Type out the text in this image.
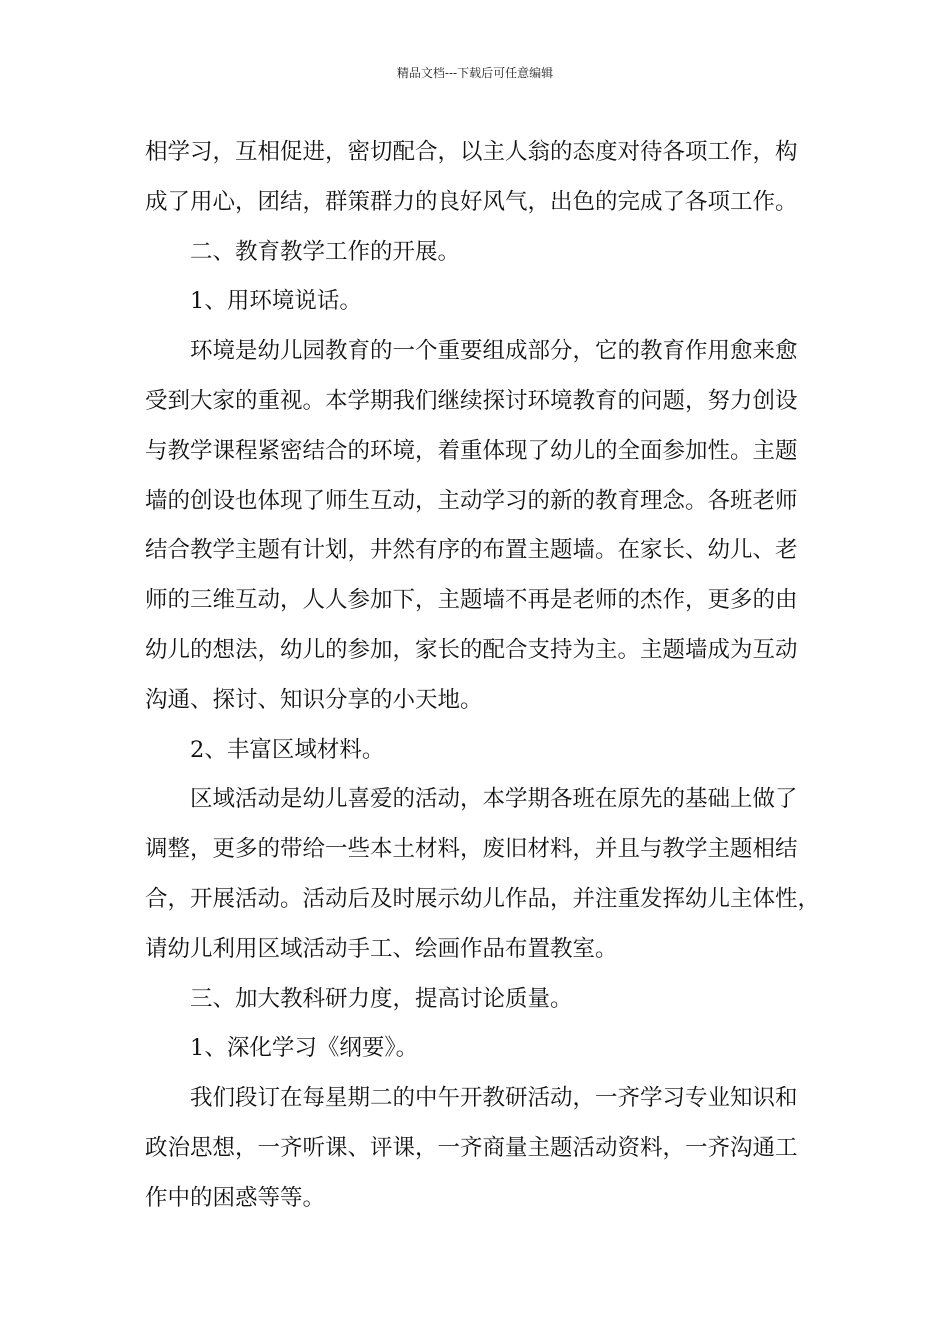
精品文档---下载后可任意编辑
相学习，互相促进，密切配合，以主人翁的态度对待各项工作，构
成了用心，团结，群策群力的良好风气，出色的完成了各项工作。
二、教育教学工作的开展。
1、用环境说话。
环境是幼儿园教育的一个重要组成部分，它的教育作用愈来愈
受到大家的重视。本学期我们继续探讨环境教育的问题，努力创设
与教学课程紧密结合的环境，着重体现了幼儿的全面参加性。主题
墙的创设也体现了师生互动，主动学习的新的教育理念。各班老师
结合教学主题有计划，井然有序的布置主题墙。在家长、幼儿、老
师的三维互动，人人参加下，主题墙不再是老师的杰作，更多的由
幼儿的想法，幼儿的参加，家长的配合支持为主。主题墙成为互动
沟通、探讨、知识分享的小天地。
2、丰富区域材料。
区域活动是幼儿喜爱的活动，本学期各班在原先的基础上做了
调整，更多的带给一些本土材料，废旧材料，并且与教学主题相结
合，开展活动。活动后及时展示幼儿作品，并注重发挥幼儿主体性，
请幼儿利用区域活动手工、绘画作品布置教室。
三、加大教科研力度，提高讨论质量。
1、深化学习《纲要》。
我们段订在每星期二的中午开教研活动，一齐学习专业知识和
政治思想，一齐听课、评课，一齐商量主题活动资料，一齐沟通工
作中的困惑等等。
